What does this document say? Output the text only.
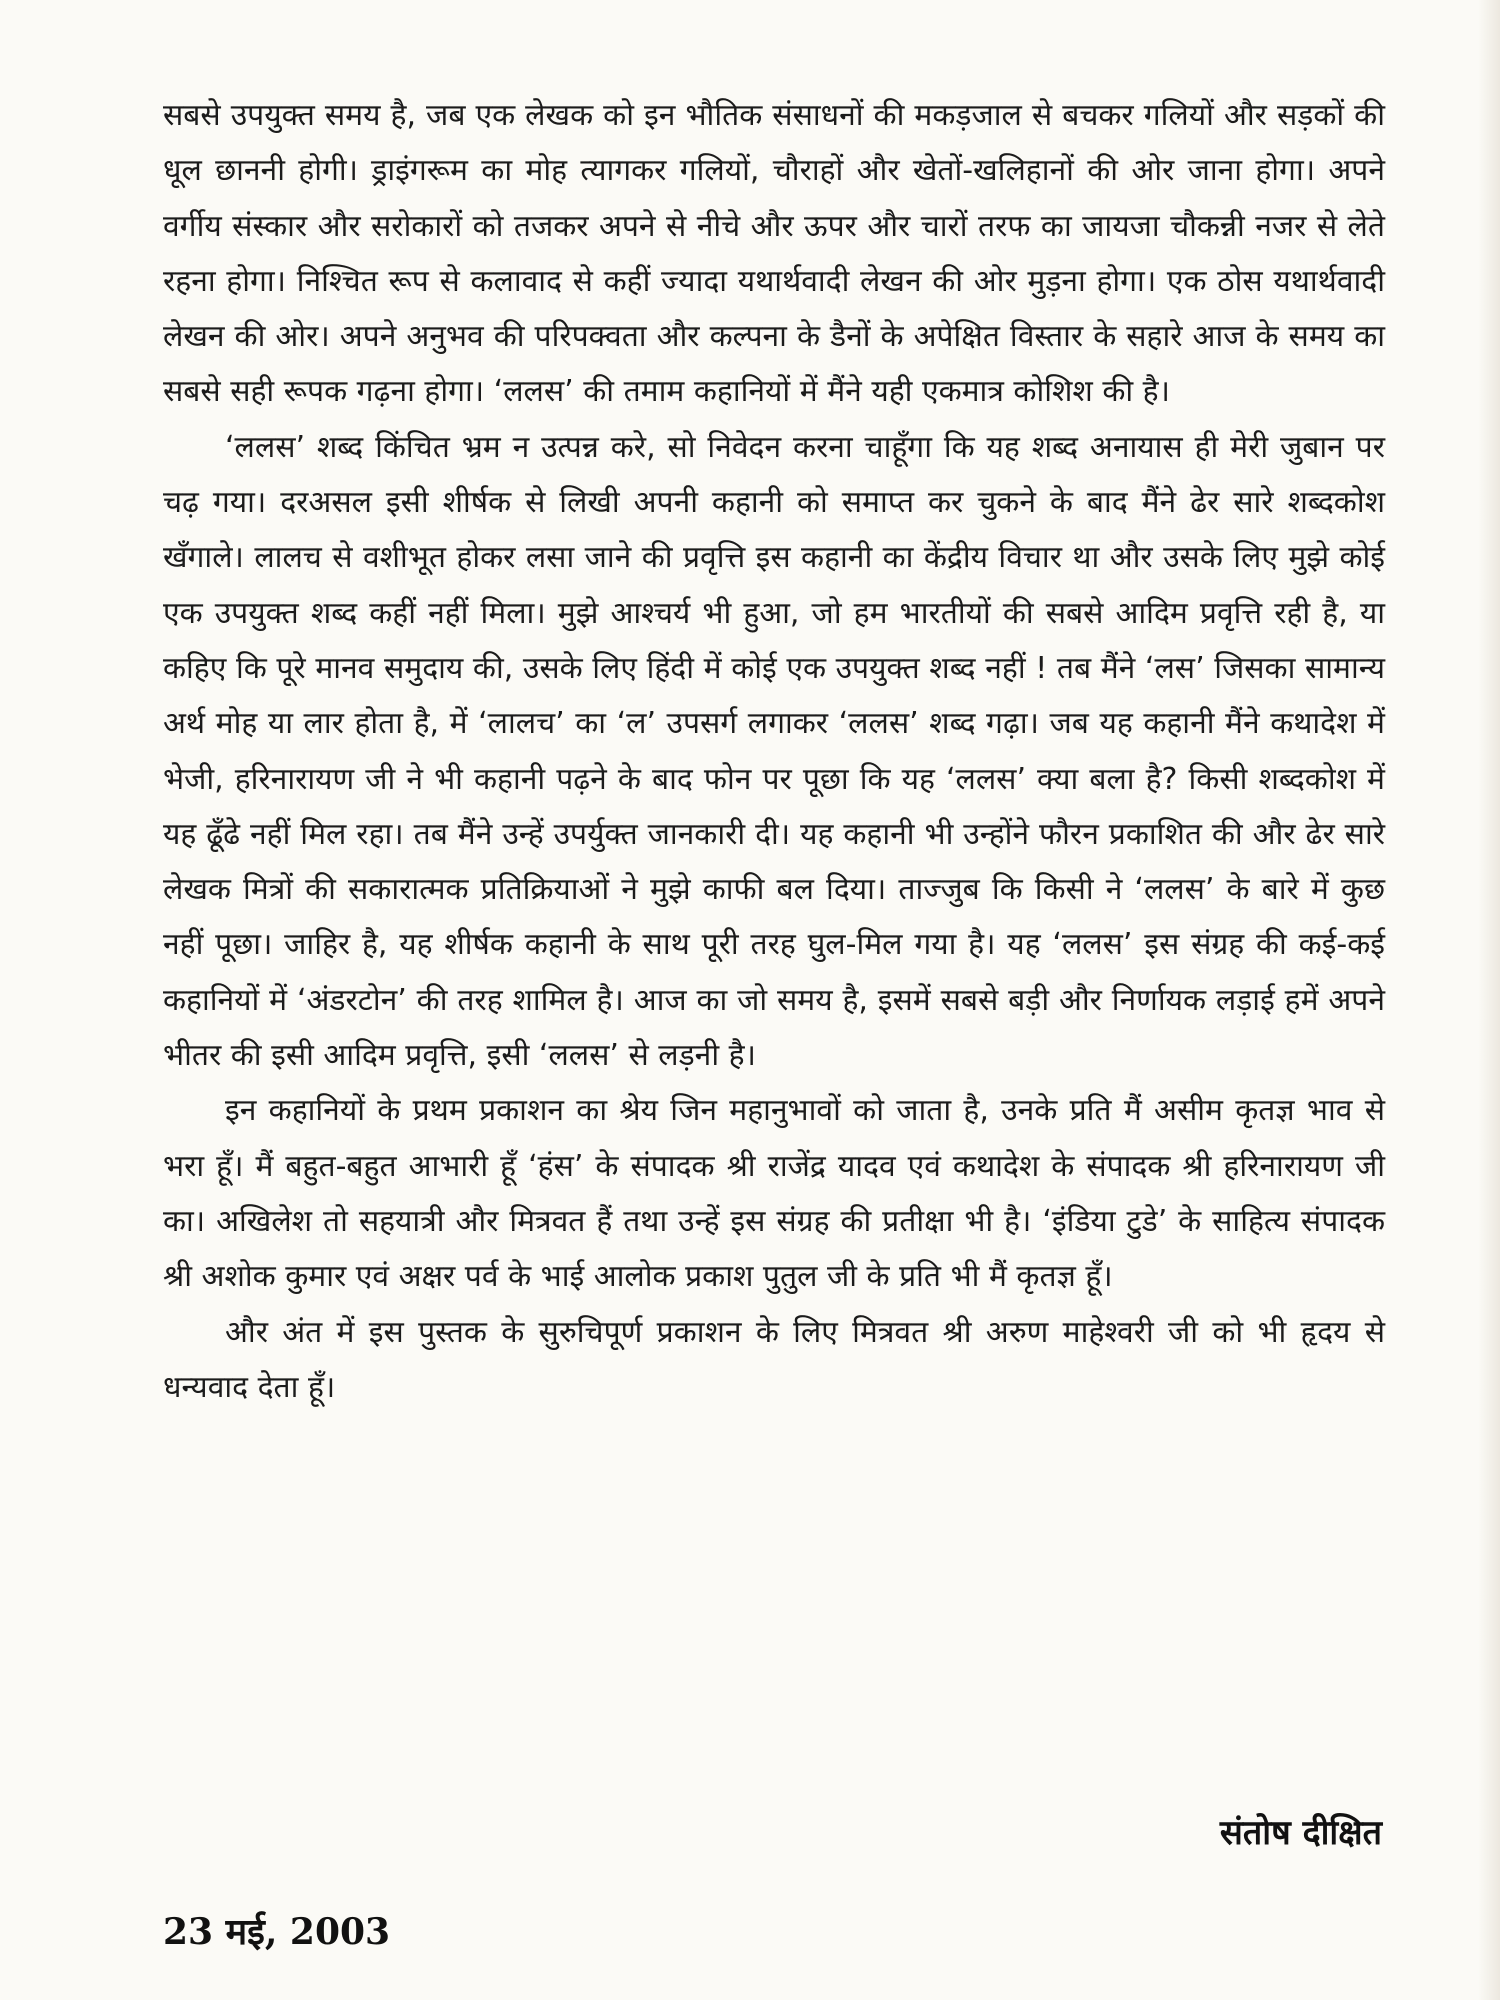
सबसे उपयुक्त समय है, जब एक लेखक को इन भौतिक संसाधनों की मकड़जाल से बचकर गलियों और सड़कों की धूल छाननी होगी। ड्राइंगरूम का मोह त्यागकर गलियों, चौराहों और खेतों-खलिहानों की ओर जाना होगा। अपने वर्गीय संस्कार और सरोकारों को तजकर अपने से नीचे और ऊपर और चारों तरफ का जायजा चौकन्नी नजर से लेते रहना होगा। निश्चित रूप से कलावाद से कहीं ज्यादा यथार्थवादी लेखन की ओर मुड़ना होगा। एक ठोस यथार्थवादी लेखन की ओर। अपने अनुभव की परिपक्वता और कल्पना के डैनों के अपेक्षित विस्तार के सहारे आज के समय का सबसे सही रूपक गढ़ना होगा। ‘ललस’ की तमाम कहानियों में मैंने यही एकमात्र कोशिश की है।

‘ललस’ शब्द किंचित भ्रम न उत्पन्न करे, सो निवेदन करना चाहूँगा कि यह शब्द अनायास ही मेरी जुबान पर चढ़ गया। दरअसल इसी शीर्षक से लिखी अपनी कहानी को समाप्त कर चुकने के बाद मैंने ढेर सारे शब्दकोश खँगाले। लालच से वशीभूत होकर लसा जाने की प्रवृत्ति इस कहानी का केंद्रीय विचार था और उसके लिए मुझे कोई एक उपयुक्त शब्द कहीं नहीं मिला। मुझे आश्चर्य भी हुआ, जो हम भारतीयों की सबसे आदिम प्रवृत्ति रही है, या कहिए कि पूरे मानव समुदाय की, उसके लिए हिंदी में कोई एक उपयुक्त शब्द नहीं ! तब मैंने ‘लस’ जिसका सामान्य अर्थ मोह या लार होता है, में ‘लालच’ का ‘ल’ उपसर्ग लगाकर ‘ललस’ शब्द गढ़ा। जब यह कहानी मैंने कथादेश में भेजी, हरिनारायण जी ने भी कहानी पढ़ने के बाद फोन पर पूछा कि यह ‘ललस’ क्या बला है? किसी शब्दकोश में यह ढूँढे नहीं मिल रहा। तब मैंने उन्हें उपर्युक्त जानकारी दी। यह कहानी भी उन्होंने फौरन प्रकाशित की और ढेर सारे लेखक मित्रों की सकारात्मक प्रतिक्रियाओं ने मुझे काफी बल दिया। ताज्जुब कि किसी ने ‘ललस’ के बारे में कुछ नहीं पूछा। जाहिर है, यह शीर्षक कहानी के साथ पूरी तरह घुल-मिल गया है। यह ‘ललस’ इस संग्रह की कई-कई कहानियों में ‘अंडरटोन’ की तरह शामिल है। आज का जो समय है, इसमें सबसे बड़ी और निर्णायक लड़ाई हमें अपने भीतर की इसी आदिम प्रवृत्ति, इसी ‘ललस’ से लड़नी है।

इन कहानियों के प्रथम प्रकाशन का श्रेय जिन महानुभावों को जाता है, उनके प्रति मैं असीम कृतज्ञ भाव से भरा हूँ। मैं बहुत-बहुत आभारी हूँ ‘हंस’ के संपादक श्री राजेंद्र यादव एवं कथादेश के संपादक श्री हरिनारायण जी का। अखिलेश तो सहयात्री और मित्रवत हैं तथा उन्हें इस संग्रह की प्रतीक्षा भी है। ‘इंडिया टुडे’ के साहित्य संपादक श्री अशोक कुमार एवं अक्षर पर्व के भाई आलोक प्रकाश पुतुल जी के प्रति भी मैं कृतज्ञ हूँ।

और अंत में इस पुस्तक के सुरुचिपूर्ण प्रकाशन के लिए मित्रवत श्री अरुण माहेश्वरी जी को भी हृदय से धन्यवाद देता हूँ।

संतोष दीक्षित
23 मई, 2003
